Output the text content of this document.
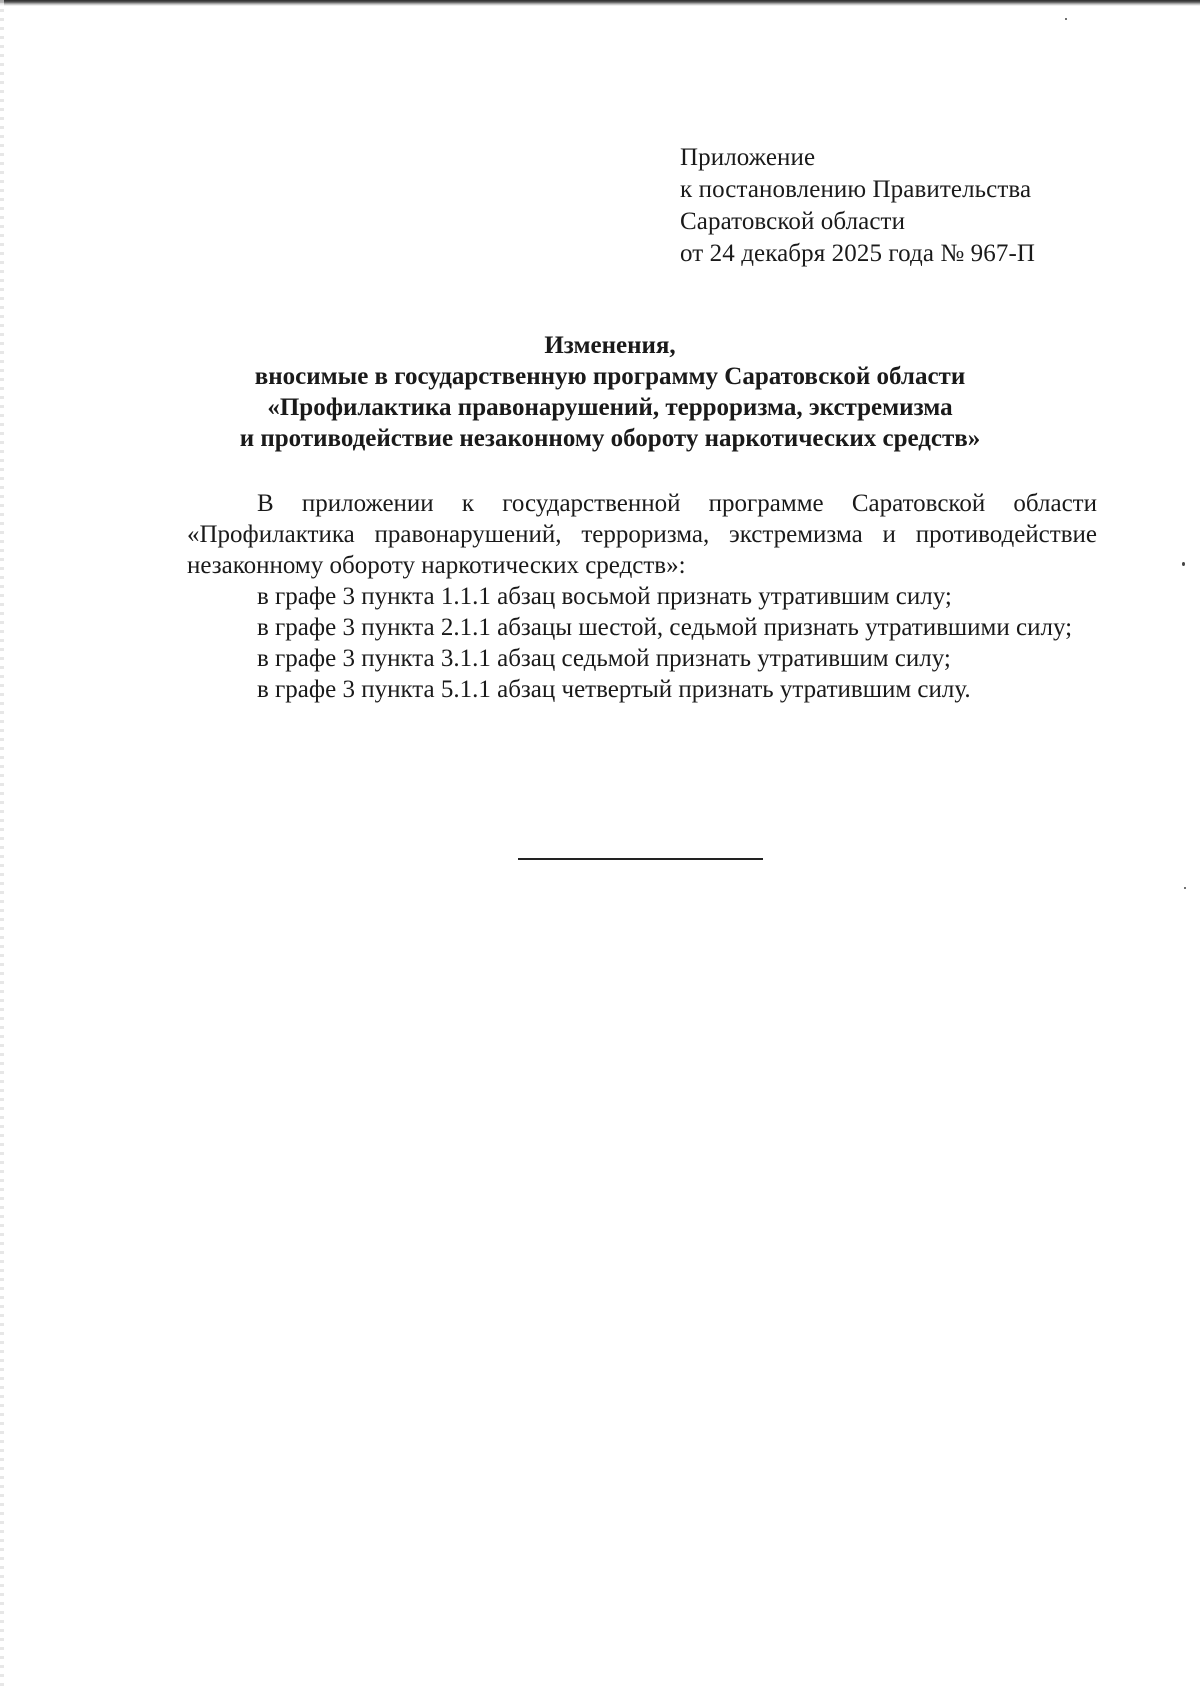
Приложение
к постановлению Правительства
Саратовской области
от 24 декабря 2025 года № 967-П
Изменения,
вносимые в государственную программу Саратовской области
«Профилактика правонарушений, терроризма, экстремизма
и противодействие незаконному обороту наркотических средств»
В приложении к государственной программе Саратовской области «Профилактика правонарушений, терроризма, экстремизма и противодействие незаконному обороту наркотических средств»:
в графе 3 пункта 1.1.1 абзац восьмой признать утратившим силу;
в графе 3 пункта 2.1.1 абзацы шестой, седьмой признать утратившими силу;
в графе 3 пункта 3.1.1 абзац седьмой признать утратившим силу;
в графе 3 пункта 5.1.1 абзац четвертый признать утратившим силу.
